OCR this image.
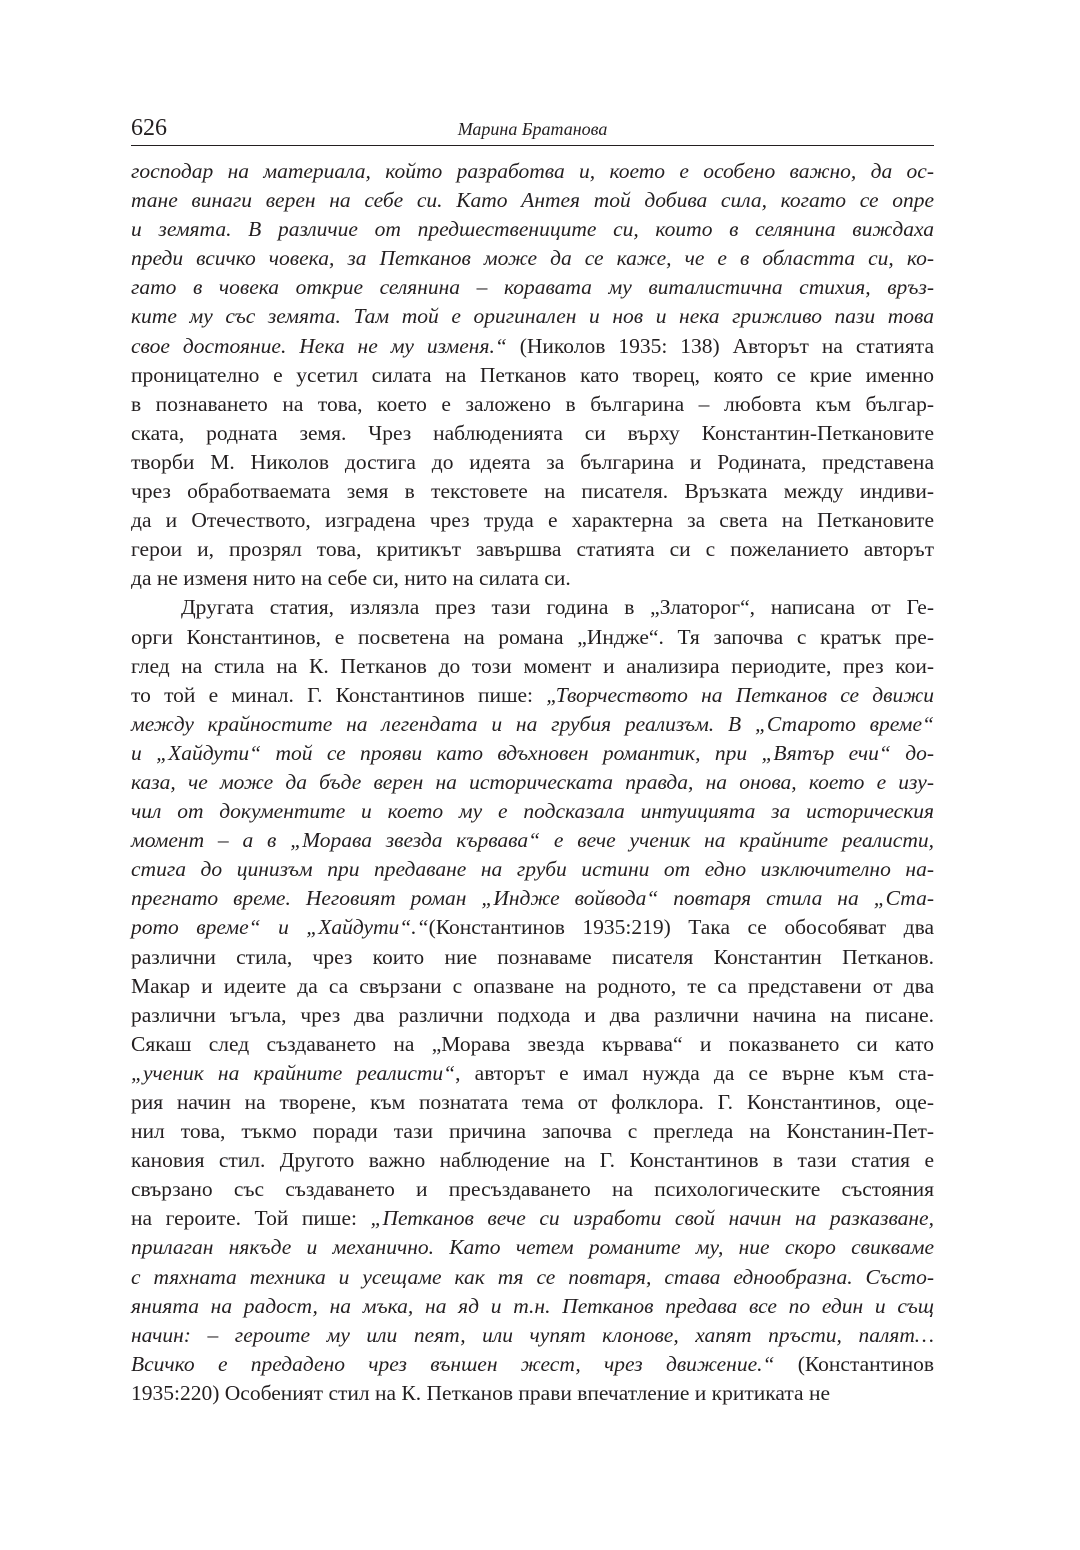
626	Марина Братанова
господар на материала, който разработва и, което е особено важно, да ос-
тане винаги верен на себе си. Като Антея той добива сила, когато се опре
и земята. В различие от предшествениците си, които в селянина виждаха
преди всичко човека, за Петканов може да се каже, че е в областта си, ко-
гато в човека открие селянина – коравата му виталистична стихия, връз-
ките му със земята. Там той е оригинален и нов и нека грижливо пази това
свое достояние. Нека не му изменя.“ (Николов 1935: 138) Авторът на статията
проницателно е усетил силата на Петканов като творец, която се крие именно
в познаването на това, което е заложено в българина – любовта към българ-
ската, родната земя. Чрез наблюденията си върху Константин-Петкановите
творби М. Николов достига до идеята за българина и Родината, представена
чрез обработваемата земя в текстовете на писателя. Връзката между индиви-
да и Отечеството, изградена чрез труда е характерна за света на Петкановите
герои и, прозрял това, критикът завършва статията си с пожеланието авторът
да не изменя нито на себе си, нито на силата си.
Другата статия, излязла през тази година в „Златорог“, написана от Ге-
орги Константинов, е посветена на романа „Индже“. Тя започва с кратък пре-
глед на стила на К. Петканов до този момент и анализира периодите, през кои-
то той е минал. Г. Константинов пише: „Творчеството на Петканов се движи
между крайностите на легендата и на грубия реализъм. В „Старото време“
и „Хайдути“ той се прояви като вдъхновен романтик, при „Вятър ечи“ до-
каза, че може да бъде верен на историческата правда, на онова, което е изу-
чил от документите и което му е подсказала интуицията за историческия
момент – а в „Морава звезда кървава“ е вече ученик на крайните реалисти,
стига до цинизъм при предаване на груби истини от едно изключително на-
прегнато време. Неговият роман „Индже войвода“ повтаря стила на „Ста-
рото време“ и „Хайдути“.“(Константинов 1935:219) Така се обособяват два
различни стила, чрез които ние познаваме писателя Константин Петканов.
Макар и идеите да са свързани с опазване на родното, те са представени от два
различни ъгъла, чрез два различни подхода и два различни начина на писане.
Сякаш след създаването на „Морава звезда кървава“ и показването си като
„ученик на крайните реалисти“, авторът е имал нужда да се върне към ста-
рия начин на творене, към познатата тема от фолклора. Г. Константинов, оце-
нил това, тъкмо поради тази причина започва с прегледа на Констанин-Пет-
кановия стил. Другото важно наблюдение на Г. Константинов в тази статия е
свързано със създаването и пресъздаването на психологическите състояния
на героите. Той пише: „Петканов вече си изработи свой начин на разказване,
прилаган някъде и механично. Като четем романите му, ние скоро свикваме
с тяхната техника и усещаме как тя се повтаря, става еднообразна. Състо-
янията на радост, на мъка, на яд и т.н. Петканов предава все по един и същ
начин: – героите му или пеят, или чупят клонове, хапят пръсти, палят…
Всичко е предадено чрез външен жест, чрез движение.“ (Константинов
1935:220) Особеният стил на К. Петканов прави впечатление и критиката не
